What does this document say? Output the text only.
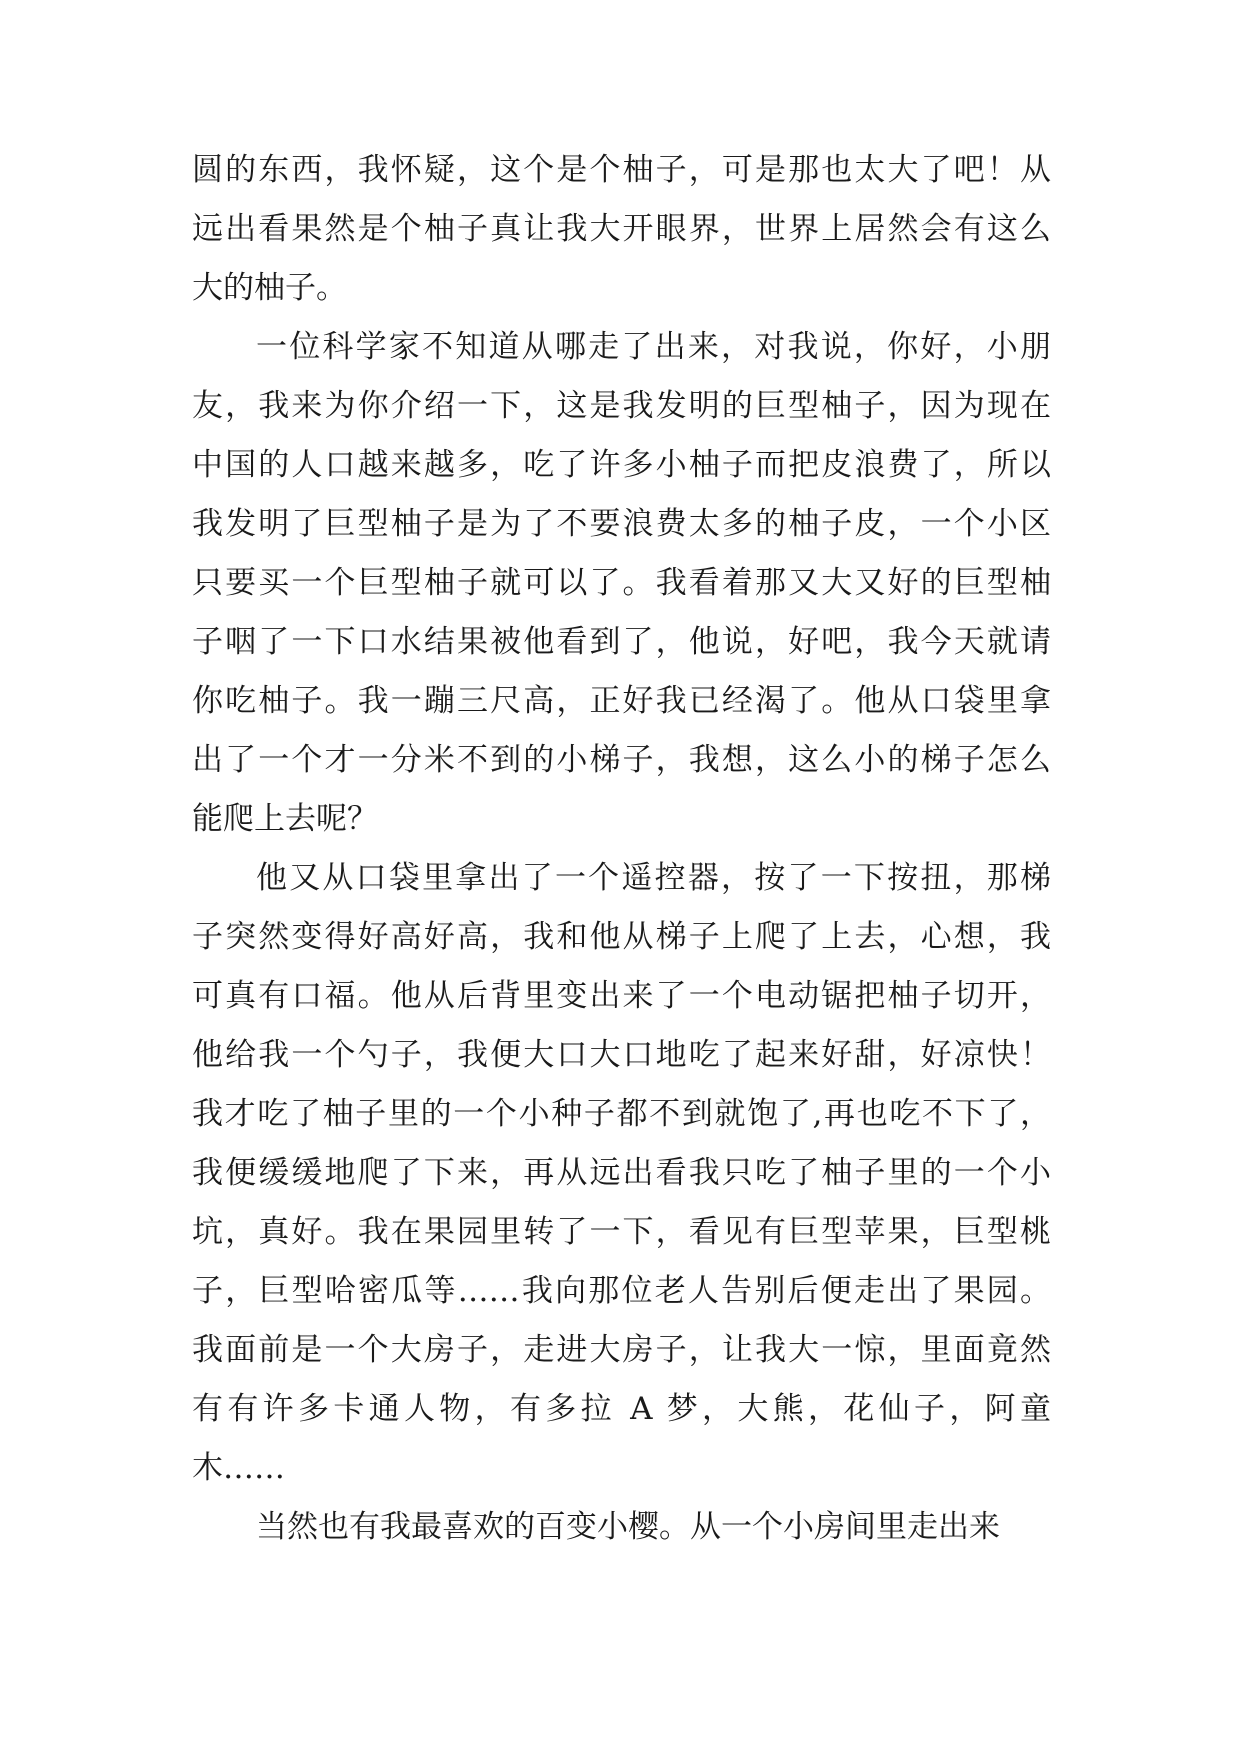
圆的东西，我怀疑，这个是个柚子，可是那也太大了吧！从
远出看果然是个柚子真让我大开眼界，世界上居然会有这么
大的柚子。
一位科学家不知道从哪走了出来，对我说，你好，小朋
友，我来为你介绍一下，这是我发明的巨型柚子，因为现在
中国的人口越来越多，吃了许多小柚子而把皮浪费了，所以
我发明了巨型柚子是为了不要浪费太多的柚子皮，一个小区
只要买一个巨型柚子就可以了。我看着那又大又好的巨型柚
子咽了一下口水结果被他看到了，他说，好吧，我今天就请
你吃柚子。我一蹦三尺高，正好我已经渴了。他从口袋里拿
出了一个才一分米不到的小梯子，我想，这么小的梯子怎么
能爬上去呢？
他又从口袋里拿出了一个遥控器，按了一下按扭，那梯
子突然变得好高好高，我和他从梯子上爬了上去，心想，我
可真有口福。他从后背里变出来了一个电动锯把柚子切开，
他给我一个勺子，我便大口大口地吃了起来好甜，好凉快！
我才吃了柚子里的一个小种子都不到就饱了,再也吃不下了，
我便缓缓地爬了下来，再从远出看我只吃了柚子里的一个小
坑，真好。我在果园里转了一下，看见有巨型苹果，巨型桃
子，巨型哈密瓜等……我向那位老人告别后便走出了果园。
我面前是一个大房子，走进大房子，让我大一惊，里面竟然
有有许多卡通人物，有多拉 A 梦，大熊，花仙子，阿童
木……
当然也有我最喜欢的百变小樱。从一个小房间里走出来
